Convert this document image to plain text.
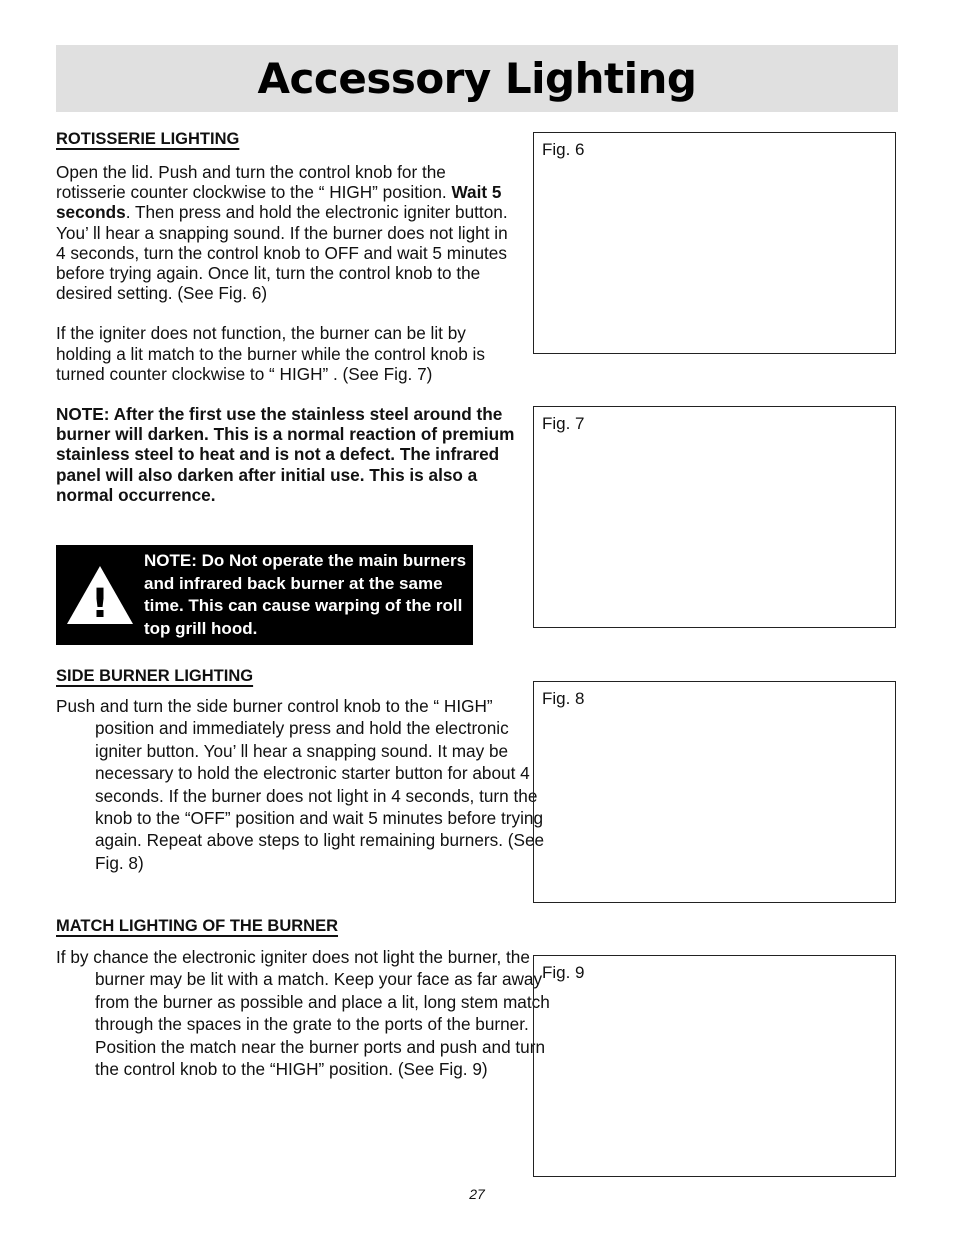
Accessory Lighting
ROTISSERIE LIGHTING

Open the lid. Push and turn the control knob for the rotisserie counter clockwise to the “ HIGH” position. Wait 5 seconds. Then press and hold the electronic igniter button. You’ ll hear a snapping sound. If the burner does not light in 4 seconds, turn the control knob to OFF and wait 5 minutes before trying again. Once lit, turn the control knob to the desired setting. (See Fig. 6)

If the igniter does not function, the burner can be lit by holding a lit match to the burner while the control knob is turned counter clockwise to “ HIGH” . (See Fig. 7)

NOTE: After the first use the stainless steel around the burner will darken. This is a normal reaction of premium stainless steel to heat and is not a defect. The infrared panel will also darken after initial use. This is also a normal occurrence.

!
NOTE: Do Not operate the main burners and infrared back burner at the same time. This can cause warping of the roll top grill hood.
SIDE BURNER LIGHTING
Push and turn the side burner control knob to the “ HIGH” position and immediately press and hold the electronic igniter button. You’ ll hear a snapping sound. It may be necessary to hold the electronic starter button for about 4 seconds. If the burner does not light in 4 seconds, turn the knob to the “OFF” position and wait 5 minutes before trying again. Repeat above steps to light remaining burners. (See Fig. 8)
MATCH LIGHTING OF THE BURNER
If by chance the electronic igniter does not light the burner, the burner may be lit with a match. Keep your face as far away from the burner as possible and place a lit, long stem match through the spaces in the grate to the ports of the burner. Position the match near the burner ports and push and turn the control knob to the “HIGH” position. (See Fig. 9)
Fig. 6
Fig. 7
Fig. 8
Fig. 9
27
